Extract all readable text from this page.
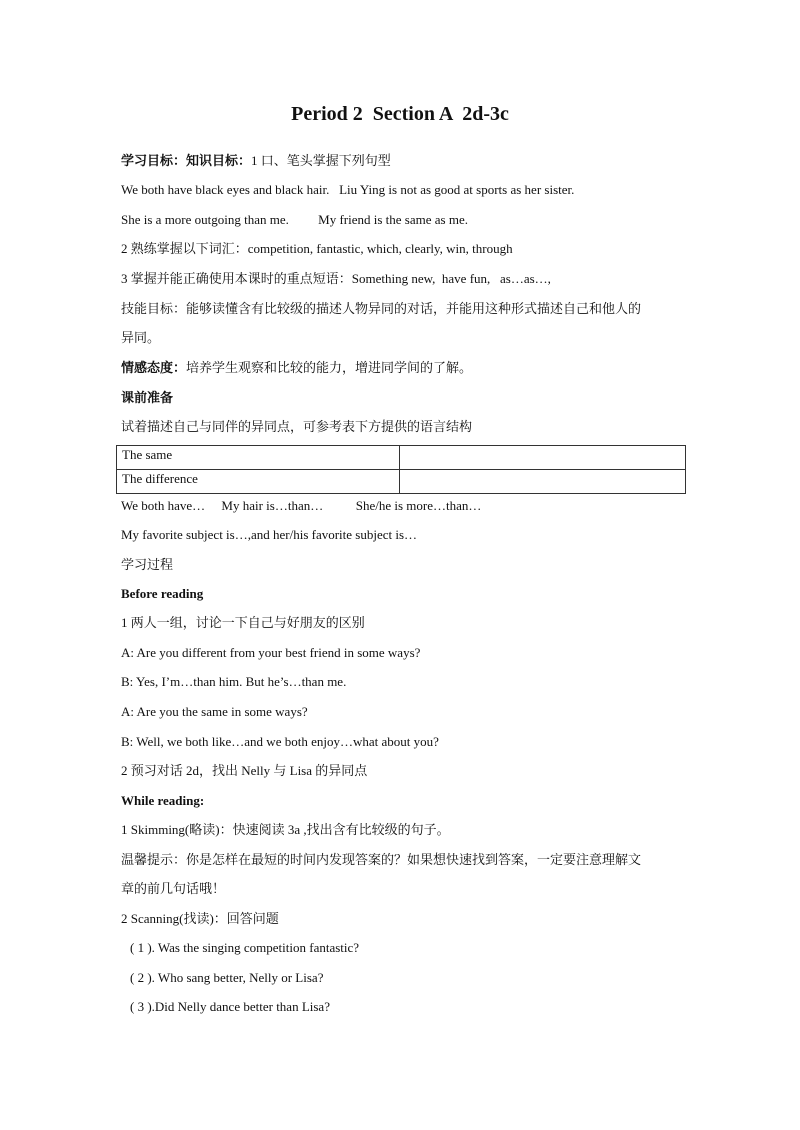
Period 2  Section A  2d-3c
学习目标：知识目标：1 口、笔头掌握下列句型
We both have black eyes and black hair.   Liu Ying is not as good at sports as her sister.
She is a more outgoing than me.         My friend is the same as me.
2 熟练掌握以下词汇：competition, fantastic, which, clearly, win, through
3 掌握并能正确使用本课时的重点短语：Something new,  have fun,   as…as…,
技能目标：能够读懂含有比较级的描述人物异同的对话，并能用这种形式描述自己和他人的
异同。
情感态度：培养学生观察和比较的能力，增进同学间的了解。
课前准备
试着描述自己与同伴的异同点，可参考表下方提供的语言结构
The same	
The difference	
We both have…     My hair is…than…          She/he is more…than…
My favorite subject is…,and her/his favorite subject is…
学习过程
Before reading
1 两人一组，讨论一下自己与好朋友的区别
A: Are you different from your best friend in some ways?
B: Yes, I’m…than him. But he’s…than me.
A: Are you the same in some ways?
B: Well, we both like…and we both enjoy…what about you?
2 预习对话 2d，找出 Nelly 与 Lisa 的异同点
While reading:
1 Skimming(略读)：快速阅读 3a ,找出含有比较级的句子。
温馨提示：你是怎样在最短的时间内发现答案的？如果想快速找到答案，一定要注意理解文
章的前几句话哦！
2 Scanning(找读)：回答问题
( 1 ). Was the singing competition fantastic?
( 2 ). Who sang better, Nelly or Lisa?
( 3 ).Did Nelly dance better than Lisa?
